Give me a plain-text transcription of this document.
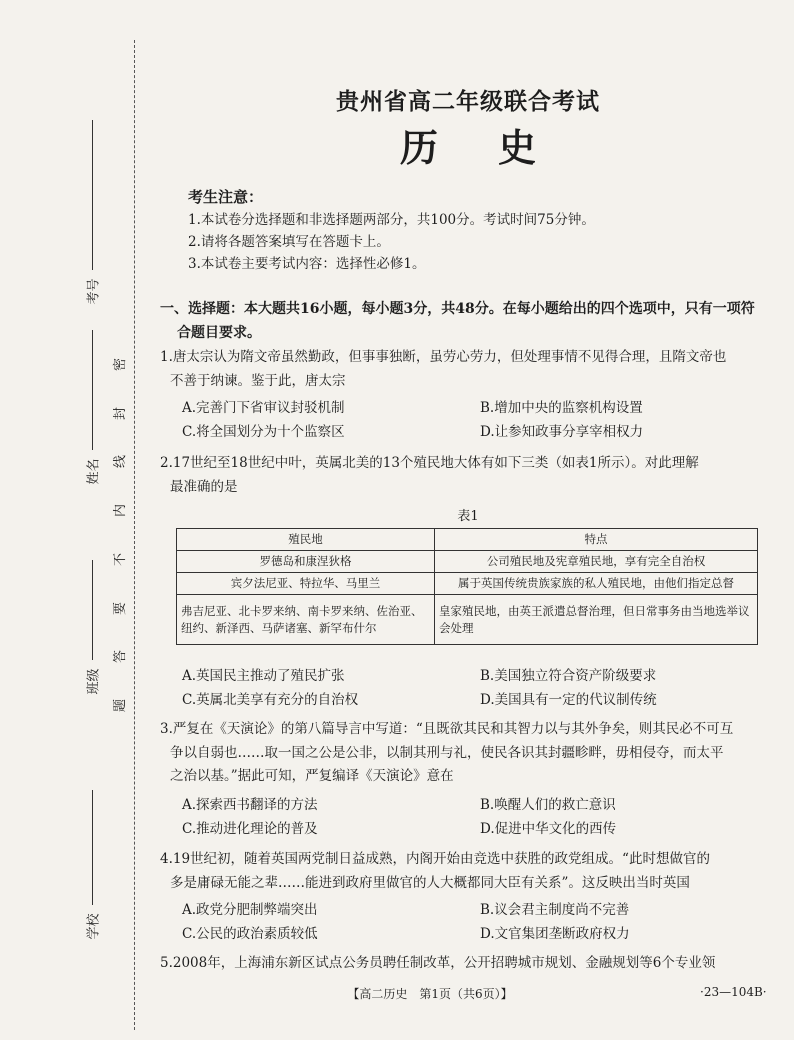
密
封
线
内
不
要
答
题
考号
姓名
班级
学校
贵州省高二年级联合考试
历史
考生注意：
1.本试卷分选择题和非选择题两部分，共100分。考试时间75分钟。
2.请将各题答案填写在答题卡上。
3.本试卷主要考试内容：选择性必修1。
一、选择题：本大题共16小题，每小题3分，共48分。在每小题给出的四个选项中，只有一项符
合题目要求。
1.唐太宗认为隋文帝虽然勤政，但事事独断，虽劳心劳力，但处理事情不见得合理，且隋文帝也
不善于纳谏。鉴于此，唐太宗
A.完善门下省审议封驳机制	B.增加中央的监察机构设置
C.将全国划分为十个监察区	D.让参知政事分享宰相权力
2.17世纪至18世纪中叶，英属北美的13个殖民地大体有如下三类（如表1所示）。对此理解
最准确的是
表1
殖民地	特点
罗德岛和康涅狄格	公司殖民地及宪章殖民地，享有完全自治权
宾夕法尼亚、特拉华、马里兰	属于英国传统贵族家族的私人殖民地，由他们指定总督
弗吉尼亚、北卡罗来纳、南卡罗来纳、佐治亚、纽约、新泽西、马萨诸塞、新罕布什尔	皇家殖民地，由英王派遣总督治理，但日常事务由当地选举议会处理
A.英国民主推动了殖民扩张	B.美国独立符合资产阶级要求
C.英属北美享有充分的自治权	D.美国具有一定的代议制传统
3.严复在《天演论》的第八篇导言中写道：“且既欲其民和其智力以与其外争矣，则其民必不可互
争以自弱也……取一国之公是公非，以制其刑与礼，使民各识其封疆畛畔，毋相侵夺，而太平
之治以基。”据此可知，严复编译《天演论》意在
A.探索西书翻译的方法	B.唤醒人们的救亡意识
C.推动进化理论的普及	D.促进中华文化的西传
4.19世纪初，随着英国两党制日益成熟，内阁开始由竞选中获胜的政党组成。“此时想做官的
多是庸碌无能之辈……能进到政府里做官的人大概都同大臣有关系”。这反映出当时英国
A.政党分肥制弊端突出	B.议会君主制度尚不完善
C.公民的政治素质较低	D.文官集团垄断政府权力
5.2008年，上海浦东新区试点公务员聘任制改革，公开招聘城市规划、金融规划等6个专业领
【高二历史　第1页（共6页）】	·23—104B·
